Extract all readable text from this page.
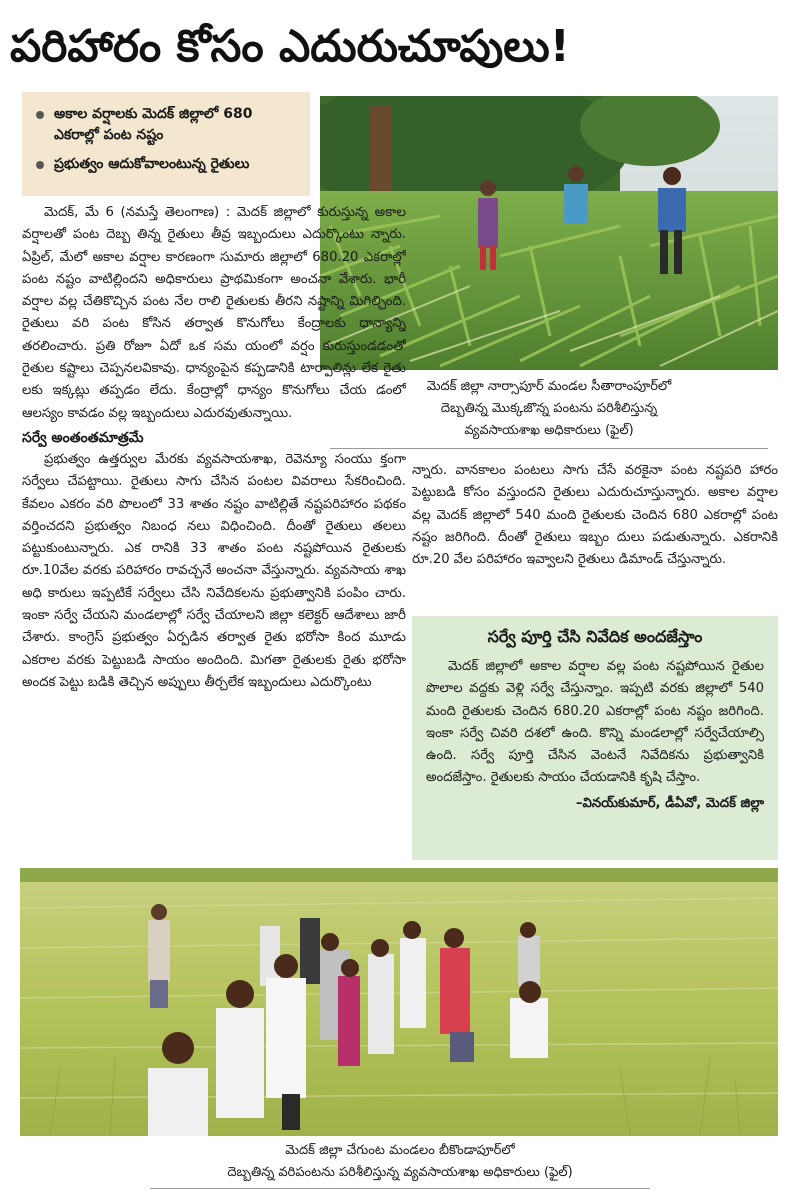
పరిహారం కోసం ఎదురుచూపులు!
అకాల వర్షాలకు మెదక్ జిల్లాలో 680 ఎకరాల్లో పంట నష్టం
ప్రభుత్వం ఆదుకోవాలంటున్న రైతులు
మెదక్ జిల్లా నార్సాపూర్ మండల సీతారాంపూర్‌లో
దెబ్బతిన్న మొక్కజొన్న పంటను పరిశీలిస్తున్న
వ్యవసాయశాఖ అధికారులు (ఫైల్)

మెదక్, మే 6 (నమస్తే తెలంగాణ) : మెదక్ జిల్లాలో కురుస్తున్న అకాల వర్షాలతో పంట దెబ్బ తిన్న రైతులు తీవ్ర ఇబ్బందులు ఎదుర్కొంటు న్నారు. ఏప్రిల్, మేలో అకాల వర్షాల కారణంగా సుమారు జిల్లాలో 680.20 ఎకరాల్లో పంట నష్టం వాటిల్లిందని అధికారులు ప్రాథమికంగా అంచనా వేశారు. భారీ వర్షాల వల్ల చేతికొచ్చిన పంట నేల రాలి రైతులకు తీరని నష్టాన్ని మిగిల్చింది. రైతులు వరి పంట కోసిన తర్వాత కొనుగోలు కేంద్రాలకు ధాన్యాన్ని తరలించారు. ప్రతి రోజూ ఏదో ఒక సమ యంలో వర్షం కురుస్తుండడంతో రైతుల కష్టాలు చెప్పనలవికావు. ధాన్యంపైన కప్పడానికి టార్పాలిన్లు లేక రైతు లకు ఇక్కట్లు తప్పడం లేదు. కేంద్రాల్లో ధాన్యం కొనుగోలు చేయ డంలో ఆలస్యం కావడం వల్ల ఇబ్బందులు ఎదురవుతున్నాయి.

సర్వే అంతంతమాత్రమే

ప్రభుత్వం ఉత్తర్వుల మేరకు వ్యవసాయశాఖ, రెవెన్యూ సంయు క్తంగా సర్వేలు చేపట్టాయి. రైతులు సాగు చేసిన పంటల వివరాలు సేకరించింది. కేవలం ఎకరం వరి పొలంలో 33 శాతం నష్టం వాటిల్లితే నష్టపరిహారం పథకం వర్తించదని ప్రభుత్వం నిబంధ నలు విధించింది. దీంతో రైతులు తలలు పట్టుకుంటున్నారు. ఎక రానికి 33 శాతం పంట నష్టపోయిన రైతులకు రూ.10వేల వరకు పరిహారం రావచ్చనే అంచనా వేస్తున్నారు. వ్యవసాయ శాఖ అధి కారులు ఇప్పటికే సర్వేలు చేసి నివేదికలను ప్రభుత్వానికి పంపిం చారు. ఇంకా సర్వే చేయని మండలాల్లో సర్వే చేయాలని జిల్లా కలెక్టర్ ఆదేశాలు జారీ చేశారు. కాంగ్రెస్ ప్రభుత్వం ఏర్పడిన తర్వాత రైతు భరోసా కింద మూడు ఎకరాల వరకు పెట్టుబడి సాయం అందింది. మిగతా రైతులకు రైతు భరోసా అందక పెట్టు బడికి తెచ్చిన అప్పులు తీర్చలేక ఇబ్బందులు ఎదుర్కొంటు

న్నారు. వానకాలం పంటలు సాగు చేసే వరకైనా పంట నష్టపరి హారం పెట్టుబడి కోసం వస్తుందని రైతులు ఎదురుచూస్తున్నారు. అకాల వర్షాల వల్ల మెదక్ జిల్లాలో 540 మంది రైతులకు చెందిన 680 ఎకరాల్లో పంట నష్టం జరిగింది. దీంతో రైతులు ఇబ్బం దులు పడుతున్నారు. ఎకరానికి రూ.20 వేల పరిహారం ఇవ్వాలని రైతులు డిమాండ్ చేస్తున్నారు.

సర్వే పూర్తి చేసి నివేదిక అందజేస్తాం
మెదక్ జిల్లాలో అకాల వర్షాల వల్ల పంట నష్టపోయిన రైతుల పొలాల వద్దకు వెళ్లి సర్వే చేస్తున్నాం. ఇప్పటి వరకు జిల్లాలో 540 మంది రైతులకు చెందిన 680.20 ఎకరాల్లో పంట నష్టం జరిగింది. ఇంకా సర్వే చివరి దశలో ఉంది. కొన్ని మండలాల్లో సర్వేచేయాల్సి ఉంది. సర్వే పూర్తి చేసిన వెంటనే నివేదికను ప్రభుత్వానికి అందజేస్తాం. రైతులకు సాయం చేయడానికి కృషి చేస్తాం.
–వినయ్‌కుమార్, డీఏవో, మెదక్ జిల్లా
మెదక్ జిల్లా చేగుంట మండలం బీకొండాపూర్‌లో
దెబ్బతిన్న వరిపంటను పరిశీలిస్తున్న వ్యవసాయశాఖ అధికారులు (ఫైల్)
